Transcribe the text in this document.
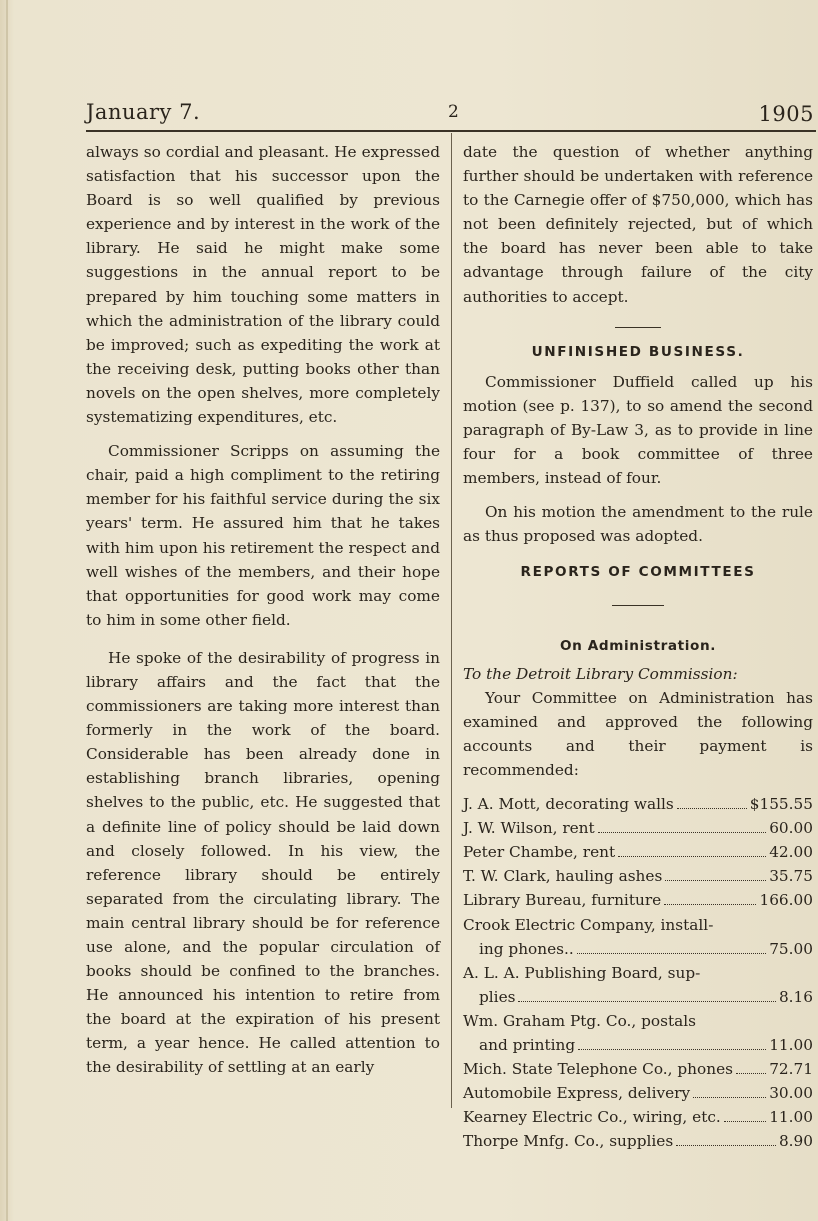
January 7.	2	1905

always so cordial and pleasant. He expressed satisfaction that his successor upon the Board is so well qualified by previous experience and by interest in the work of the library. He said he might make some suggestions in the annual report to be prepared by him touching some matters in which the administration of the library could be improved; such as expediting the work at the receiving desk, putting books other than novels on the open shelves, more completely systematizing expenditures, etc.

Commissioner Scripps on assuming the chair, paid a high compliment to the retiring member for his faithful service during the six years' term. He assured him that he takes with him upon his retirement the respect and well wishes of the members, and their hope that opportunities for good work may come to him in some other field.

He spoke of the desirability of progress in library affairs and the fact that the commissioners are taking more interest than formerly in the work of the board. Considerable has been already done in establishing branch libraries, opening shelves to the public, etc. He suggested that a definite line of policy should be laid down and closely followed. In his view, the reference library should be entirely separated from the circulating library. The main central library should be for reference use alone, and the popular circulation of books should be confined to the branches. He announced his intention to retire from the board at the expiration of his present term, a year hence. He called attention to the desirability of settling at an early

date the question of whether anything further should be undertaken with reference to the Carnegie offer of $750,000, which has not been definitely rejected, but of which the board has never been able to take advantage through failure of the city authorities to accept.

UNFINISHED BUSINESS.

Commissioner Duffield called up his motion (see p. 137), to so amend the second paragraph of By-Law 3, as to provide in line four for a book committee of three members, instead of four.

On his motion the amendment to the rule as thus proposed was adopted.

REPORTS OF COMMITTEES

On Administration.

To the Detroit Library Commission:

Your Committee on Administration has examined and approved the following accounts and their payment is recommended:

J. A. Mott, decorating walls	$155.55
J. W. Wilson, rent	60.00
Peter Chambe, rent	42.00
T. W. Clark, hauling ashes	35.75
Library Bureau, furniture	166.00
Crook Electric Company, install-
ing phones..	75.00
A. L. A. Publishing Board, sup-
plies	8.16
Wm. Graham Ptg. Co., postals
and printing	11.00
Mich. State Telephone Co., phones 72.71
Automobile Express, delivery	30.00
Kearney Electric Co., wiring, etc.	11.00
Thorpe Mnfg. Co., supplies	8.90
